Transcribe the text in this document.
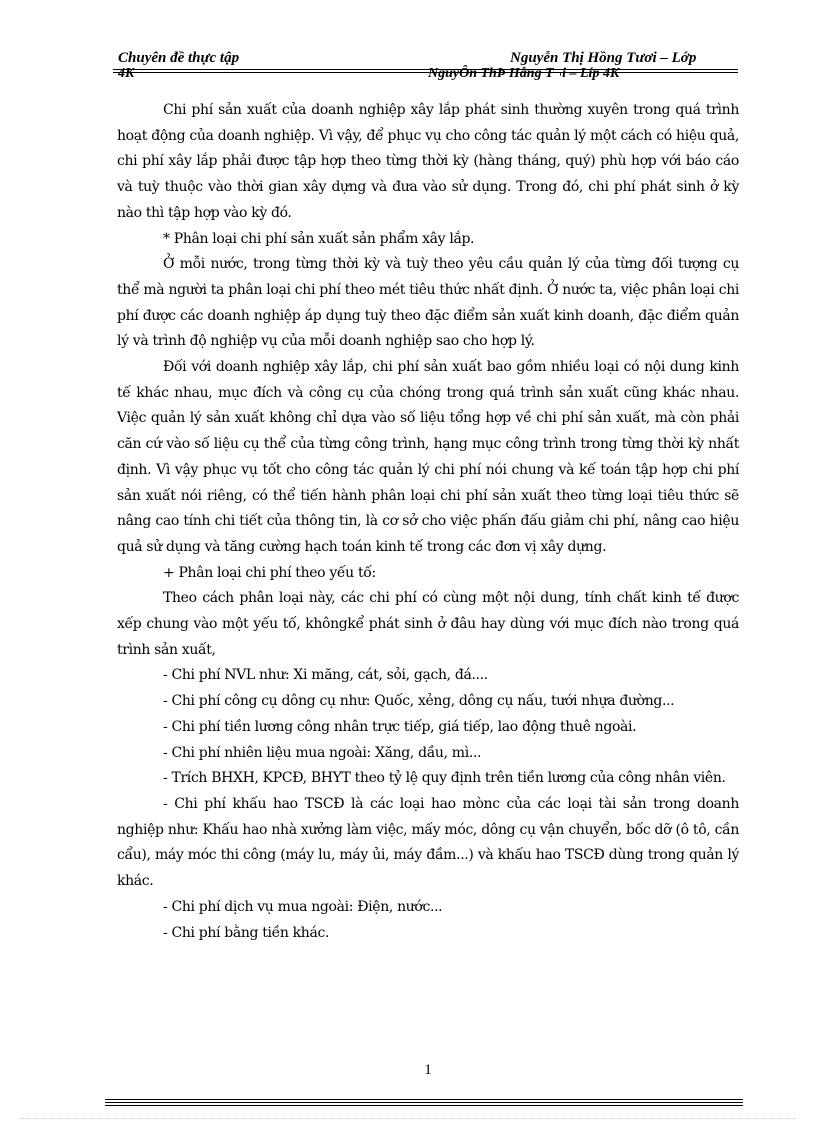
Chuyên đề thực tập	Nguyễn Thị Hồng Tươi – Lớp
4K	NguyÔn ThÞ Hång T¬i – Líp 4K

Chi phí sản xuất của doanh nghiệp xây lắp phát sinh thường xuyên trong quá trình hoạt động của doanh nghiệp. Vì vậy, để phục vụ cho công tác quản lý một cách có hiệu quả, chi phí xây lắp phải được tập hợp theo từng thời kỳ (hàng tháng, quý) phù hợp với báo cáo và tuỳ thuộc vào thời gian xây dựng và đưa vào sử dụng. Trong đó, chi phí phát sinh ở kỳ nào thì tập hợp vào kỳ đó.

* Phân loại chi phí sản xuất sản phẩm xây lắp.

Ở mỗi nước, trong từng thời kỳ và tuỳ theo yêu cầu quản lý của từng đối tượng cụ thể mà người ta phân loại chi phí theo mét tiêu thức nhất định. Ở nước ta, việc phân loại chi phí được các doanh nghiệp áp dụng tuỳ theo đặc điểm sản xuất kinh doanh, đặc điểm quản lý và trình độ nghiệp vụ của mỗi doanh nghiệp sao cho hợp lý.

Đối với doanh nghiệp xây lắp, chi phí sản xuất bao gồm nhiều loại có nội dung kinh tế khác nhau, mục đích và công cụ của chóng trong quá trình sản xuất cũng khác nhau. Việc quản lý sản xuất không chỉ dựa vào số liệu tổng hợp về chi phí sản xuất, mà còn phải căn cứ vào số liệu cụ thể của từng công trình, hạng mục công trình trong từng thời kỳ nhất định. Vì vậy phục vụ tốt cho công tác quản lý chi phí nói chung và kế toán tập hợp chi phí sản xuất nói riêng, có thể tiến hành phân loại chi phí sản xuất theo từng loại tiêu thức sẽ nâng cao tính chi tiết của thông tin, là cơ sở cho việc phấn đấu giảm chi phí, nâng cao hiệu quả sử dụng và tăng cường hạch toán kinh tế trong các đơn vị xây dựng.

+ Phân loại chi phí theo yếu tố:

Theo cách phân loại này, các chi phí có cùng một nội dung, tính chất kinh tế được xếp chung vào một yếu tố, khôngkể phát sinh ở đâu hay dùng với mục đích nào trong quá trình sản xuất,

- Chi phí NVL như: Xi măng, cát, sỏi, gạch, đá....

- Chi phí công cụ dông cụ như: Quốc, xẻng, dông cụ nấu, tưới nhựa đường...

- Chi phí tiền lương công nhân trực tiếp, giá tiếp, lao động thuê ngoài.

- Chi phí nhiên liệu mua ngoài: Xăng, dầu, mì...

- Trích BHXH, KPCĐ, BHYT theo tỷ lệ quy định trên tiền lương của công nhân viên.

- Chi phí khấu hao TSCĐ là các loại hao mònc của các loại tài sản trong doanh nghiệp như: Khấu hao nhà xưởng làm việc, mấy móc, dông cụ vận chuyển, bốc dỡ (ô tô, cần cẩu), máy móc thi công (máy lu, máy ủi, máy đầm...) và khấu hao TSCĐ dùng trong quản lý khác.

- Chi phí dịch vụ mua ngoài: Điện, nước...

- Chi phí bằng tiền khác.

1
